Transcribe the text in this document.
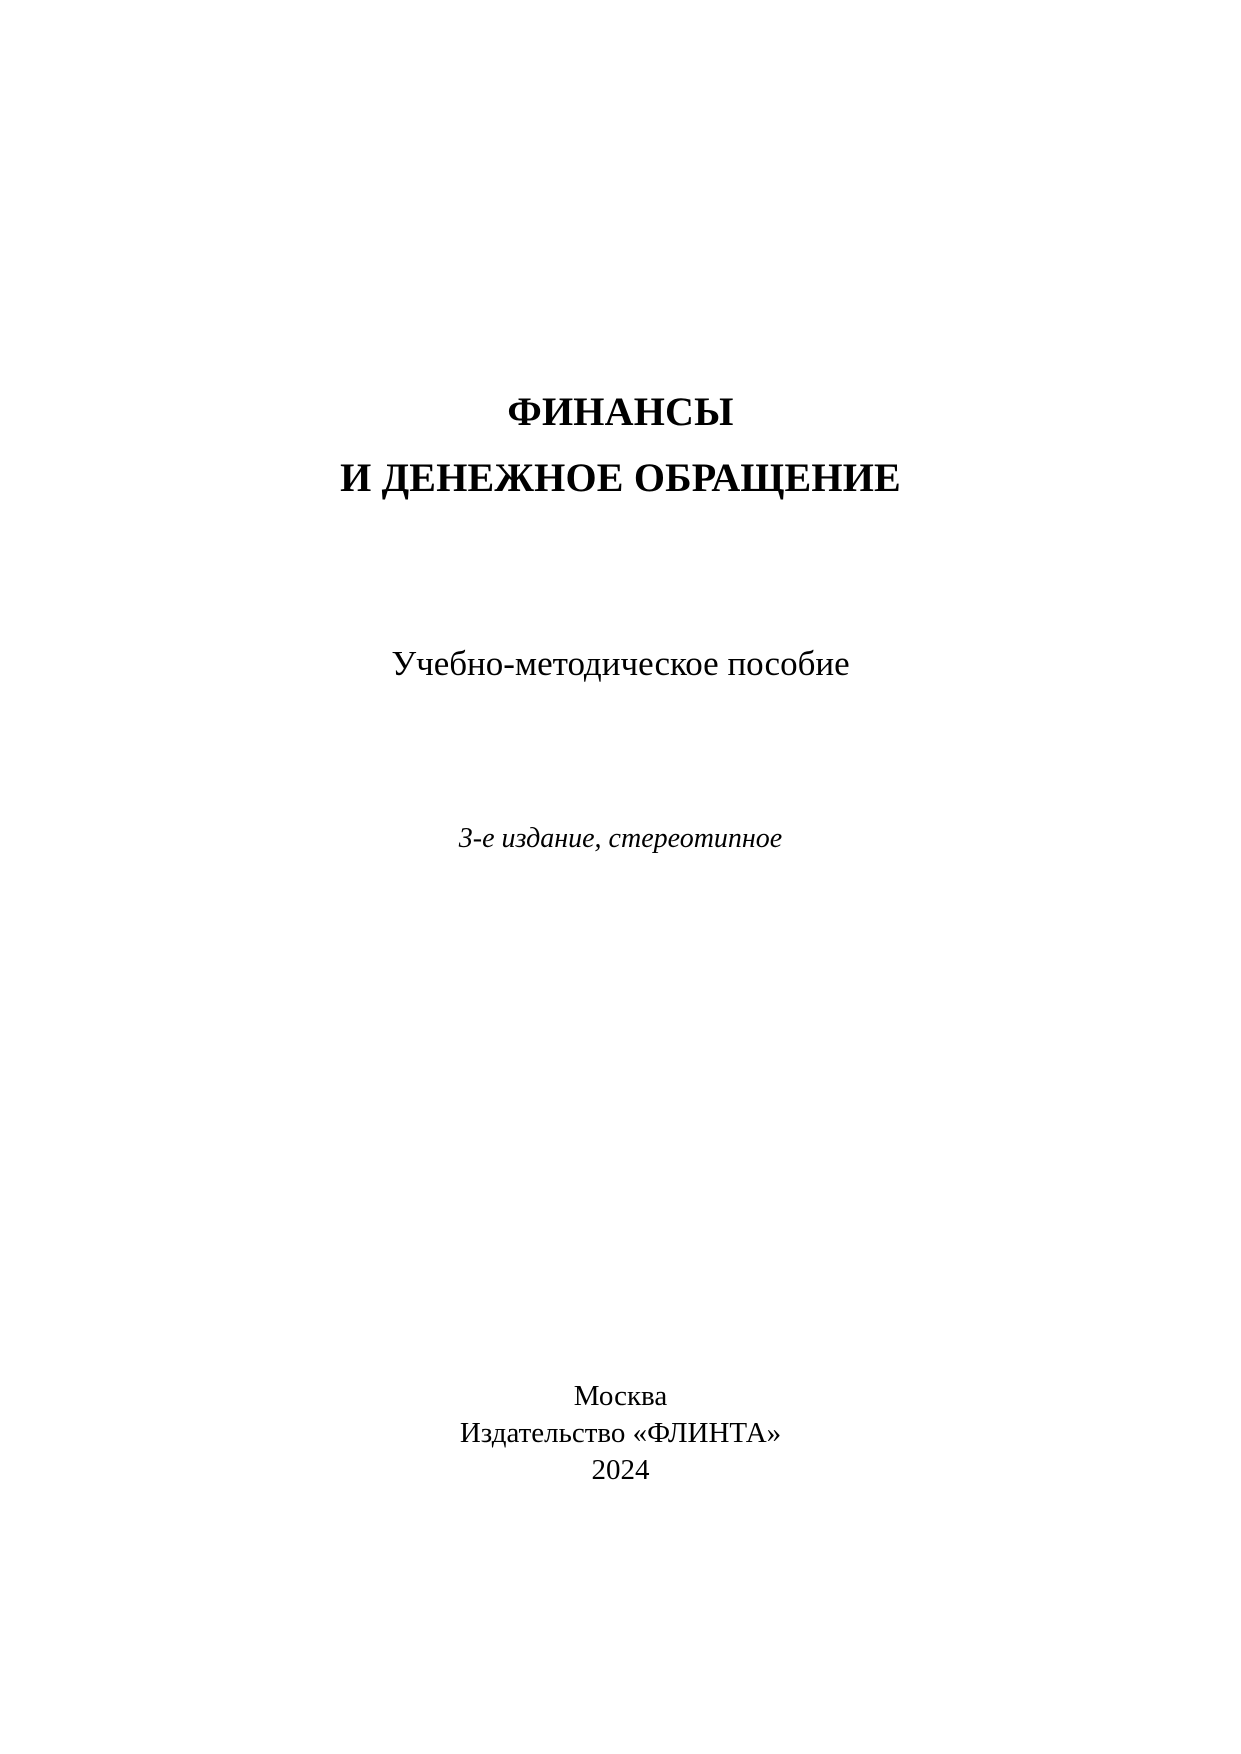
ФИНАНСЫ
И ДЕНЕЖНОЕ ОБРАЩЕНИЕ
Учебно-методическое пособие
3-е издание, стереотипное
Москва
Издательство «ФЛИНТА»
2024
